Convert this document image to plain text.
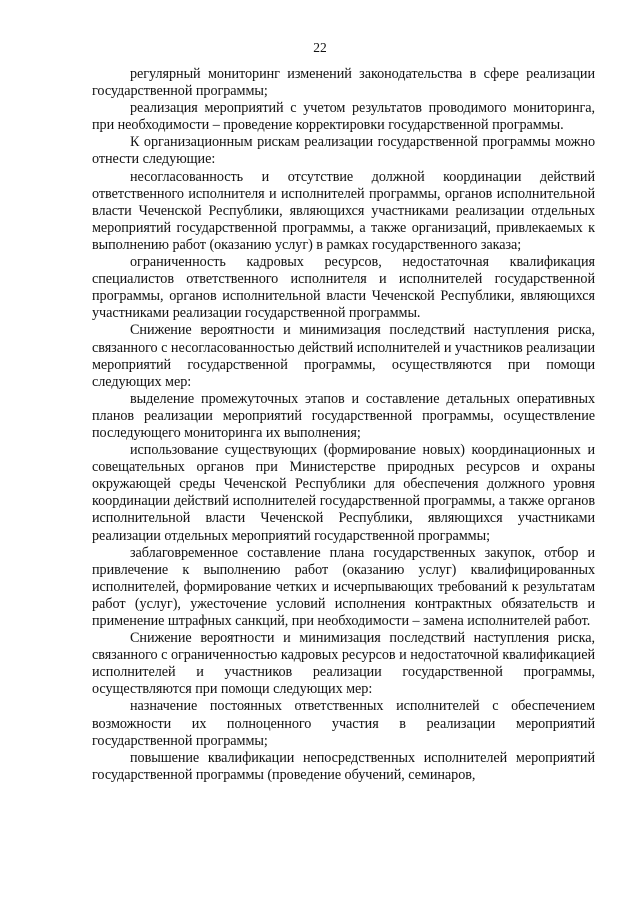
22

регулярный мониторинг изменений законодательства в сфере реализации государственной программы;

реализация мероприятий с учетом результатов проводимого мониторинга, при необходимости – проведение корректировки государственной программы.

К организационным рискам реализации государственной программы можно отнести следующие:

несогласованность и отсутствие должной координации действий ответственного исполнителя и исполнителей программы, органов исполнительной власти Чеченской Республики, являющихся участниками реализации отдельных мероприятий государственной программы, а также организаций, привлекаемых к выполнению работ (оказанию услуг) в рамках государственного заказа;

ограниченность кадровых ресурсов, недостаточная квалификация специалистов ответственного исполнителя и исполнителей государственной программы, органов исполнительной власти Чеченской Республики, являющихся участниками реализации государственной программы.

Снижение вероятности и минимизация последствий наступления риска, связанного с несогласованностью действий исполнителей и участников реализации мероприятий государственной программы, осуществляются при помощи следующих мер:

выделение промежуточных этапов и составление детальных оперативных планов реализации мероприятий государственной программы, осуществление последующего мониторинга их выполнения;

использование существующих (формирование новых) координационных и совещательных органов при Министерстве природных ресурсов и охраны окружающей среды Чеченской Республики для обеспечения должного уровня координации действий исполнителей государственной программы, а также органов исполнительной власти Чеченской Республики, являющихся участниками реализации отдельных мероприятий государственной программы;

заблаговременное составление плана государственных закупок, отбор и привлечение к выполнению работ (оказанию услуг) квалифицированных исполнителей, формирование четких и исчерпывающих требований к результатам работ (услуг), ужесточение условий исполнения контрактных обязательств и применение штрафных санкций, при необходимости – замена исполнителей работ.

Снижение вероятности и минимизация последствий наступления риска, связанного с ограниченностью кадровых ресурсов и недостаточной квалификацией исполнителей и участников реализации государственной программы, осуществляются при помощи следующих мер:

назначение постоянных ответственных исполнителей с обеспечением возможности их полноценного участия в реализации мероприятий государственной программы;

повышение квалификации непосредственных исполнителей мероприятий государственной программы (проведение обучений, семинаров,
